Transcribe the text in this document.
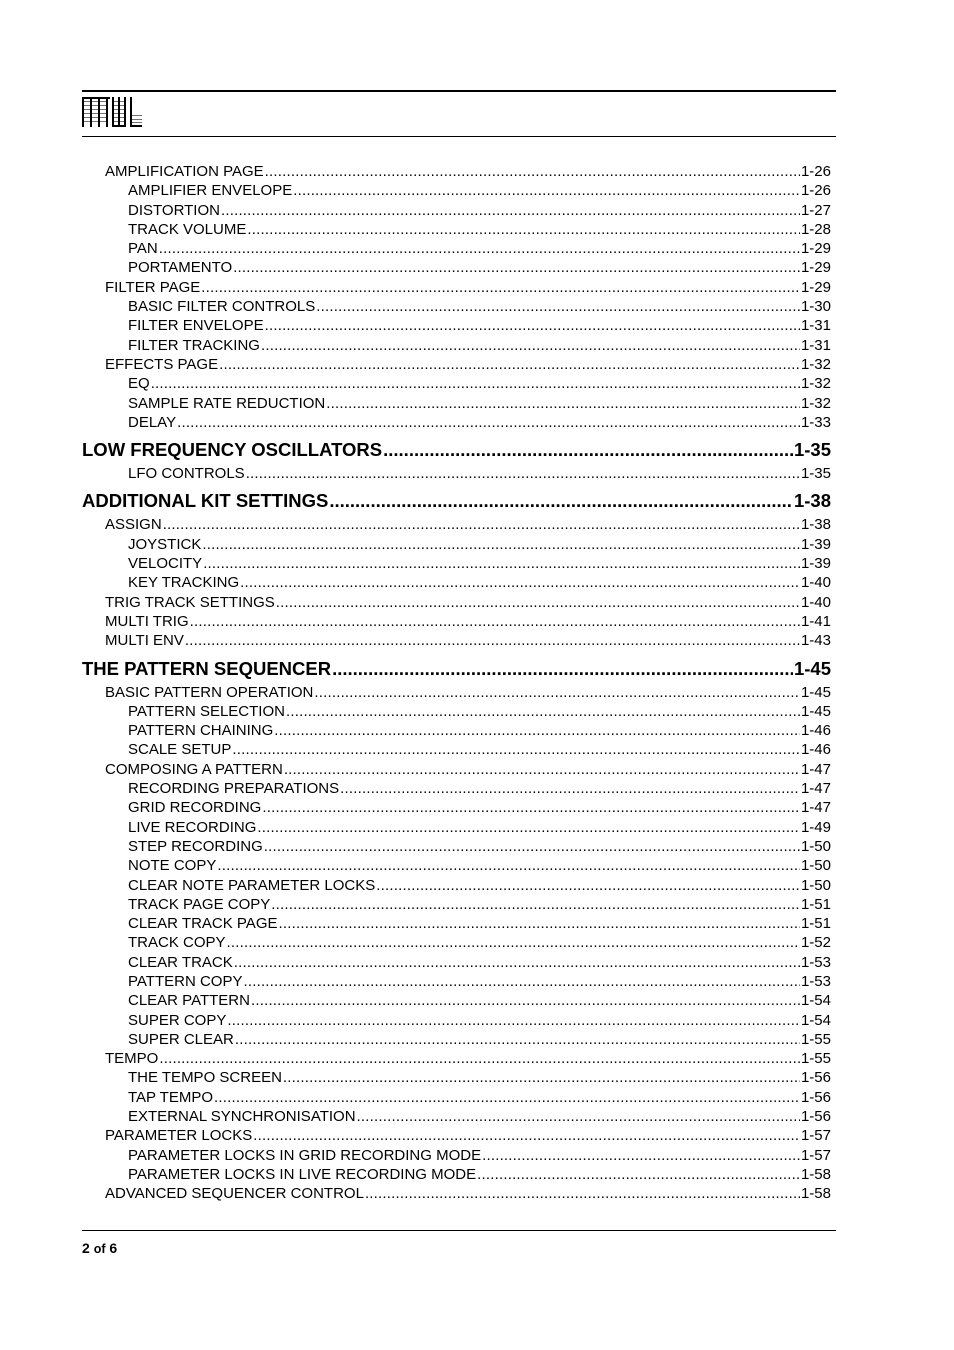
AMPLIFICATION PAGE .....	1-26
AMPLIFIER ENVELOPE .....	1-26
DISTORTION .....	1-27
TRACK VOLUME .....	1-28
PAN .....	1-29
PORTAMENTO .....	1-29
FILTER PAGE .....	1-29
BASIC FILTER CONTROLS .....	1-30
FILTER ENVELOPE .....	1-31
FILTER TRACKING .....	1-31
EFFECTS PAGE .....	1-32
EQ .....	1-32
SAMPLE RATE REDUCTION .....	1-32
DELAY .....	1-33
LOW FREQUENCY OSCILLATORS .....	1-35
LFO CONTROLS .....	1-35
ADDITIONAL KIT SETTINGS .....	1-38
ASSIGN .....	1-38
JOYSTICK .....	1-39
VELOCITY .....	1-39
KEY TRACKING .....	1-40
TRIG TRACK SETTINGS .....	1-40
MULTI TRIG .....	1-41
MULTI ENV .....	1-43
THE PATTERN SEQUENCER .....	1-45
BASIC PATTERN OPERATION .....	1-45
PATTERN SELECTION .....	1-45
PATTERN CHAINING .....	1-46
SCALE SETUP .....	1-46
COMPOSING A PATTERN .....	1-47
RECORDING PREPARATIONS .....	1-47
GRID RECORDING .....	1-47
LIVE RECORDING .....	1-49
STEP RECORDING .....	1-50
NOTE COPY .....	1-50
CLEAR NOTE PARAMETER LOCKS .....	1-50
TRACK PAGE COPY .....	1-51
CLEAR TRACK PAGE .....	1-51
TRACK COPY .....	1-52
CLEAR TRACK .....	1-53
PATTERN COPY .....	1-53
CLEAR PATTERN .....	1-54
SUPER COPY .....	1-54
SUPER CLEAR .....	1-55
TEMPO .....	1-55
THE TEMPO SCREEN .....	1-56
TAP TEMPO .....	1-56
EXTERNAL SYNCHRONISATION .....	1-56
PARAMETER LOCKS .....	1-57
PARAMETER LOCKS IN GRID RECORDING MODE .....	1-57
PARAMETER LOCKS IN LIVE RECORDING MODE .....	1-58
ADVANCED SEQUENCER CONTROL .....	1-58
2 of 6
